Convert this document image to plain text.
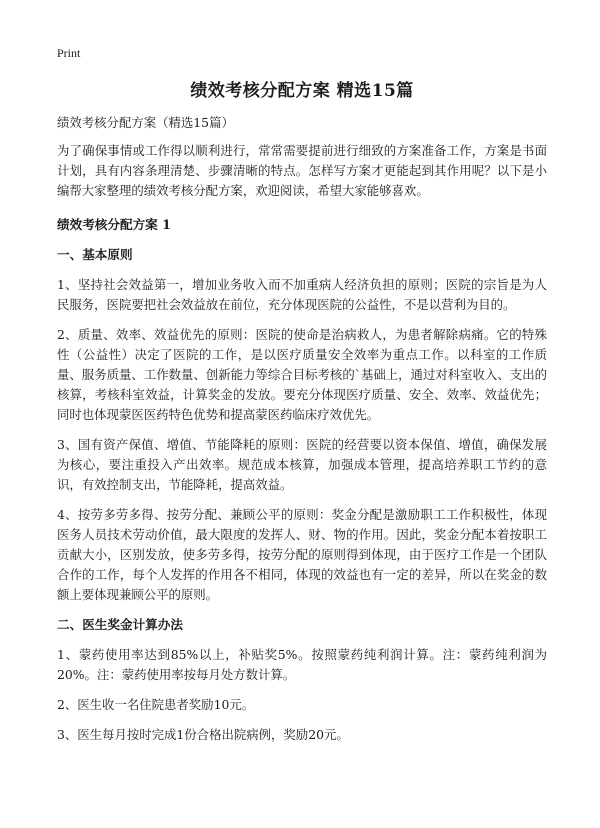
Print
绩效考核分配方案 精选15篇

绩效考核分配方案（精选15篇）

为了确保事情或工作得以顺利进行，常常需要提前进行细致的方案准备工作，方案是书面计划，具有内容条理清楚、步骤清晰的特点。怎样写方案才更能起到其作用呢？以下是小编帮大家整理的绩效考核分配方案，欢迎阅读，希望大家能够喜欢。

绩效考核分配方案 1
一、基本原则

1、坚持社会效益第一，增加业务收入而不加重病人经济负担的原则；医院的宗旨是为人民服务，医院要把社会效益放在前位，充分体现医院的公益性，不是以营利为目的。

2、质量、效率、效益优先的原则：医院的使命是治病救人，为患者解除病痛。它的特殊性（公益性）决定了医院的工作，是以医疗质量安全效率为重点工作。以科室的工作质量、服务质量、工作数量、创新能力等综合目标考核的`基础上，通过对科室收入、支出的核算，考核科室效益，计算奖金的发放。要充分体现医疗质量、安全、效率、效益优先；同时也体现蒙医医药特色优势和提高蒙医药临床疗效优先。

3、国有资产保值、增值、节能降耗的原则：医院的经营要以资本保值、增值，确保发展为核心，要注重投入产出效率。规范成本核算，加强成本管理，提高培养职工节约的意识，有效控制支出，节能降耗，提高效益。

4、按劳多劳多得、按劳分配、兼顾公平的原则：奖金分配是激励职工工作积极性，体现医务人员技术劳动价值，最大限度的发挥人、财、物的作用。因此，奖金分配本着按职工贡献大小，区别发放，使多劳多得，按劳分配的原则得到体现，由于医疗工作是一个团队合作的工作，每个人发挥的作用各不相同，体现的效益也有一定的差异，所以在奖金的数额上要体现兼顾公平的原则。

二、医生奖金计算办法

1、蒙药使用率达到85%以上，补贴奖5%。按照蒙药纯利润计算。注：蒙药纯利润为20%。注：蒙药使用率按每月处方数计算。

2、医生收一名住院患者奖励10元。

3、医生每月按时完成1份合格出院病例，奖励20元。
